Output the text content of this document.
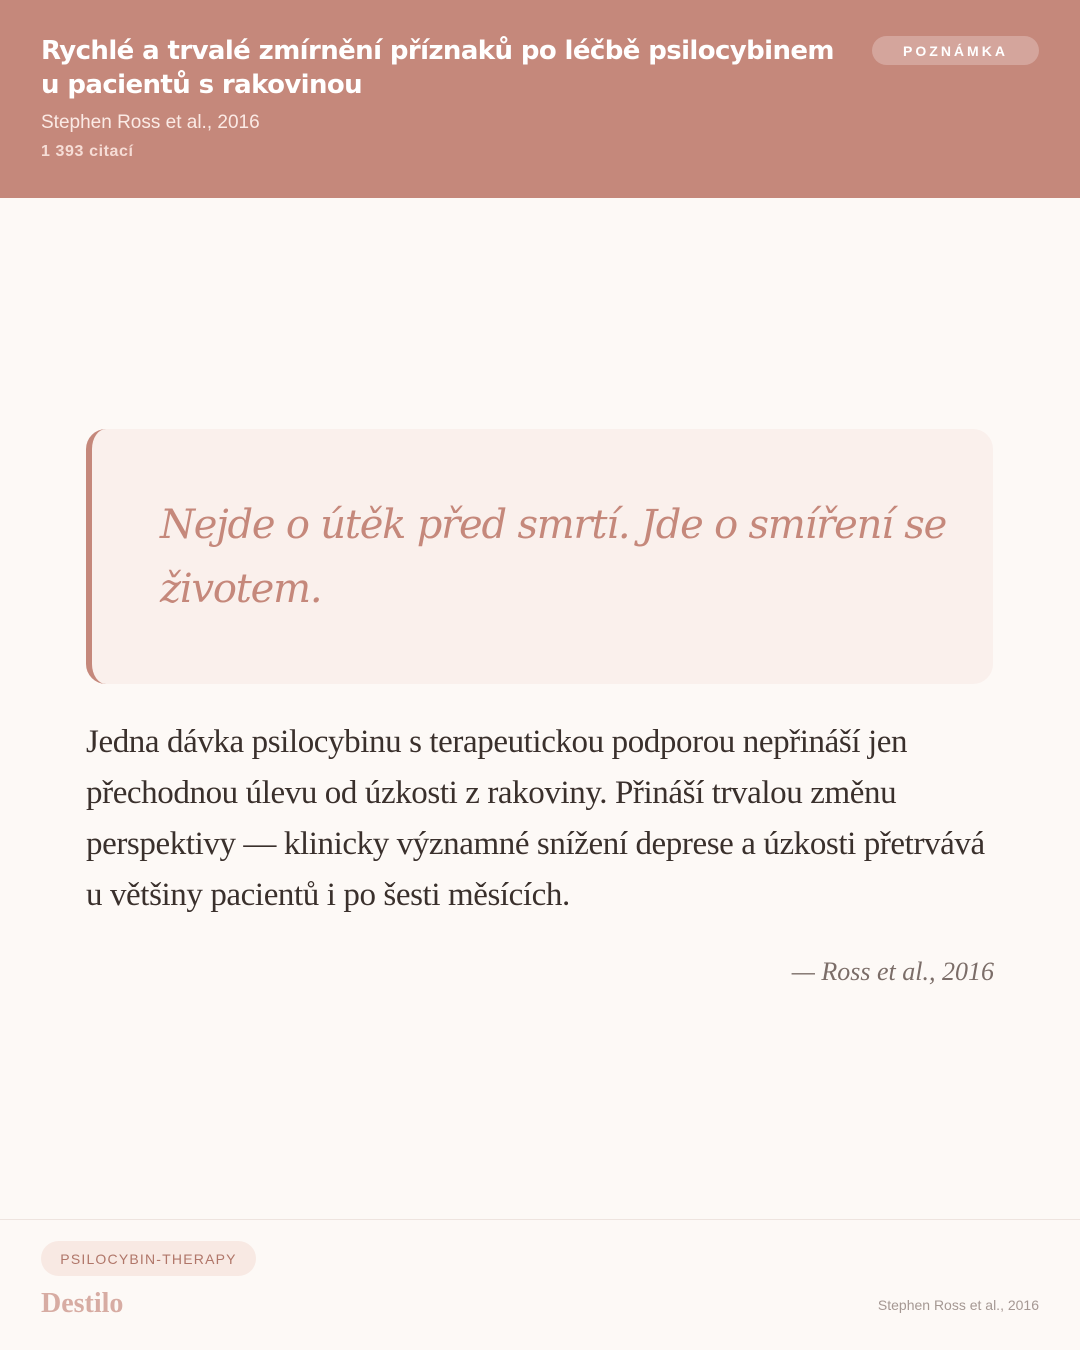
Rychlé a trvalé zmírnění příznaků po léčbě psilocybinem u pacientů s rakovinou
Stephen Ross et al., 2016
1 393 citací
POZNÁMKA

Nejde o útěk před smrtí. Jde o smíření se životem.

Jedna dávka psilocybinu s terapeutickou podporou nepřináší jen přechodnou úlevu od úzkosti z rakoviny. Přináší trvalou změnu perspektivy — klinicky významné snížení deprese a úzkosti přetrvává u většiny pacientů i po šesti měsících.

— Ross et al., 2016
PSILOCYBIN-THERAPY
Destilo	Stephen Ross et al., 2016
